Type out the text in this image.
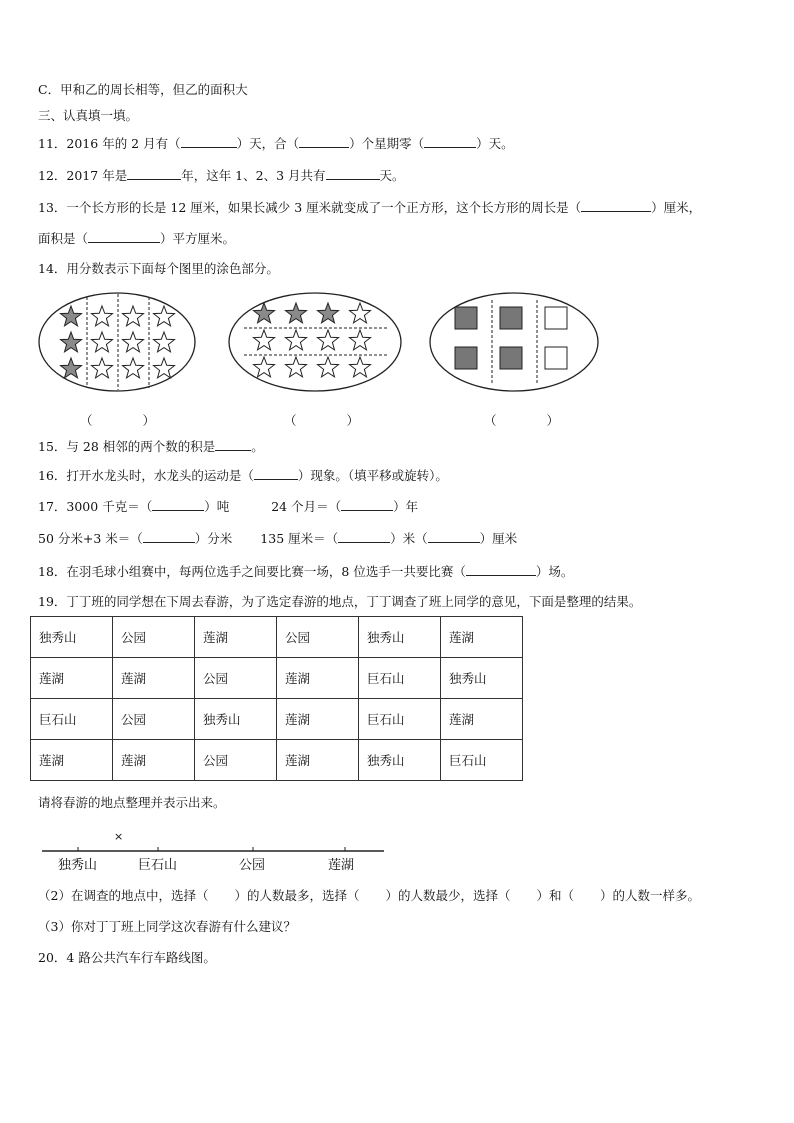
C．甲和乙的周长相等，但乙的面积大
三、认真填一填。
11．2016 年的 2 月有（	）天，合（	）个星期零（	）天。
12．2017 年是	年，这年 1、2、3 月共有	天。
13．一个长方形的长是 12 厘米，如果长减少 3 厘米就变成了一个正方形，这个长方形的周长是（	）厘米，
面积是（	）平方厘米。
14．用分数表示下面每个图里的涂色部分。
（	）	（	）	（	）
15．与 28 相邻的两个数的积是	。
16．打开水龙头时，水龙头的运动是（	）现象。（填平移或旋转）。
17．3000 千克＝（	）吨	24 个月＝（	）年
50 分米+3 米＝（	）分米 135 厘米＝（	）米（	）厘米
18．在羽毛球小组赛中，每两位选手之间要比赛一场，8 位选手一共要比赛（	）场。
19．丁丁班的同学想在下周去春游，为了选定春游的地点，丁丁调查了班上同学的意见，下面是整理的结果。
独秀山	公园	莲湖	公园	独秀山	莲湖
莲湖	莲湖	公园	莲湖	巨石山	独秀山
巨石山	公园	独秀山	莲湖	巨石山	莲湖
莲湖	莲湖	公园	莲湖	独秀山	巨石山
请将春游的地点整理并表示出来。
×
独秀山	巨石山	公园	莲湖
（2）在调查的地点中，选择（ ）的人数最多，选择（ ）的人数最少，选择（ ）和（ ）的人数一样多。
（3）你对丁丁班上同学这次春游有什么建议？
20．4 路公共汽车行车路线图。
